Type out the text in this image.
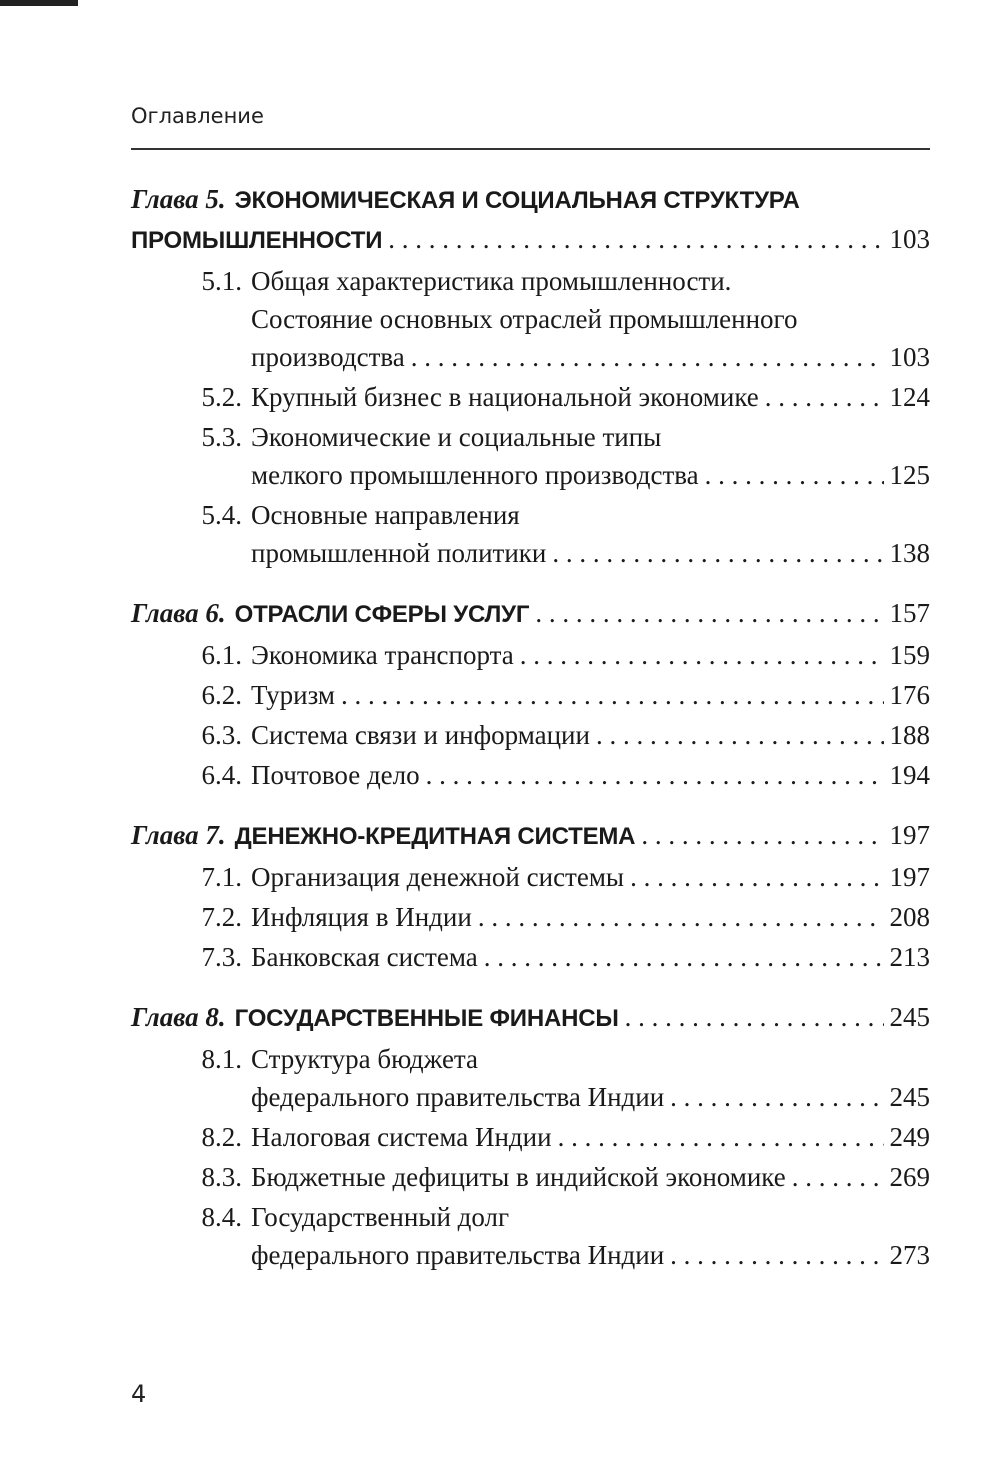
Оглавление
Глава 5. ЭКОНОМИЧЕСКАЯ И СОЦИАЛЬНАЯ СТРУКТУРА
ПРОМЫШЛЕННОСТИ . . .	103
5.1. Общая характеристика промышленности.
Состояние основных отраслей промышленного
производства . . .	103
5.2. Крупный бизнес в национальной экономике . . .	124
5.3. Экономические и социальные типы
мелкого промышленного производства . . .	125
5.4. Основные направления
промышленной политики . . .	138
Глава 6. ОТРАСЛИ СФЕРЫ УСЛУГ . . .	157
6.1. Экономика транспорта . . .	159
6.2. Туризм . . .	176
6.3. Система связи и информации . . .	188
6.4. Почтовое дело . . .	194
Глава 7. ДЕНЕЖНО-КРЕДИТНАЯ СИСТЕМА . . .	197
7.1. Организация денежной системы . . .	197
7.2. Инфляция в Индии . . .	208
7.3. Банковская система . . .	213
Глава 8. ГОСУДАРСТВЕННЫЕ ФИНАНСЫ . . .	245
8.1. Структура бюджета
федерального правительства Индии . . .	245
8.2. Налоговая система Индии . . .	249
8.3. Бюджетные дефициты в индийской экономике . . .	269
8.4. Государственный долг
федерального правительства Индии . . .	273
4
